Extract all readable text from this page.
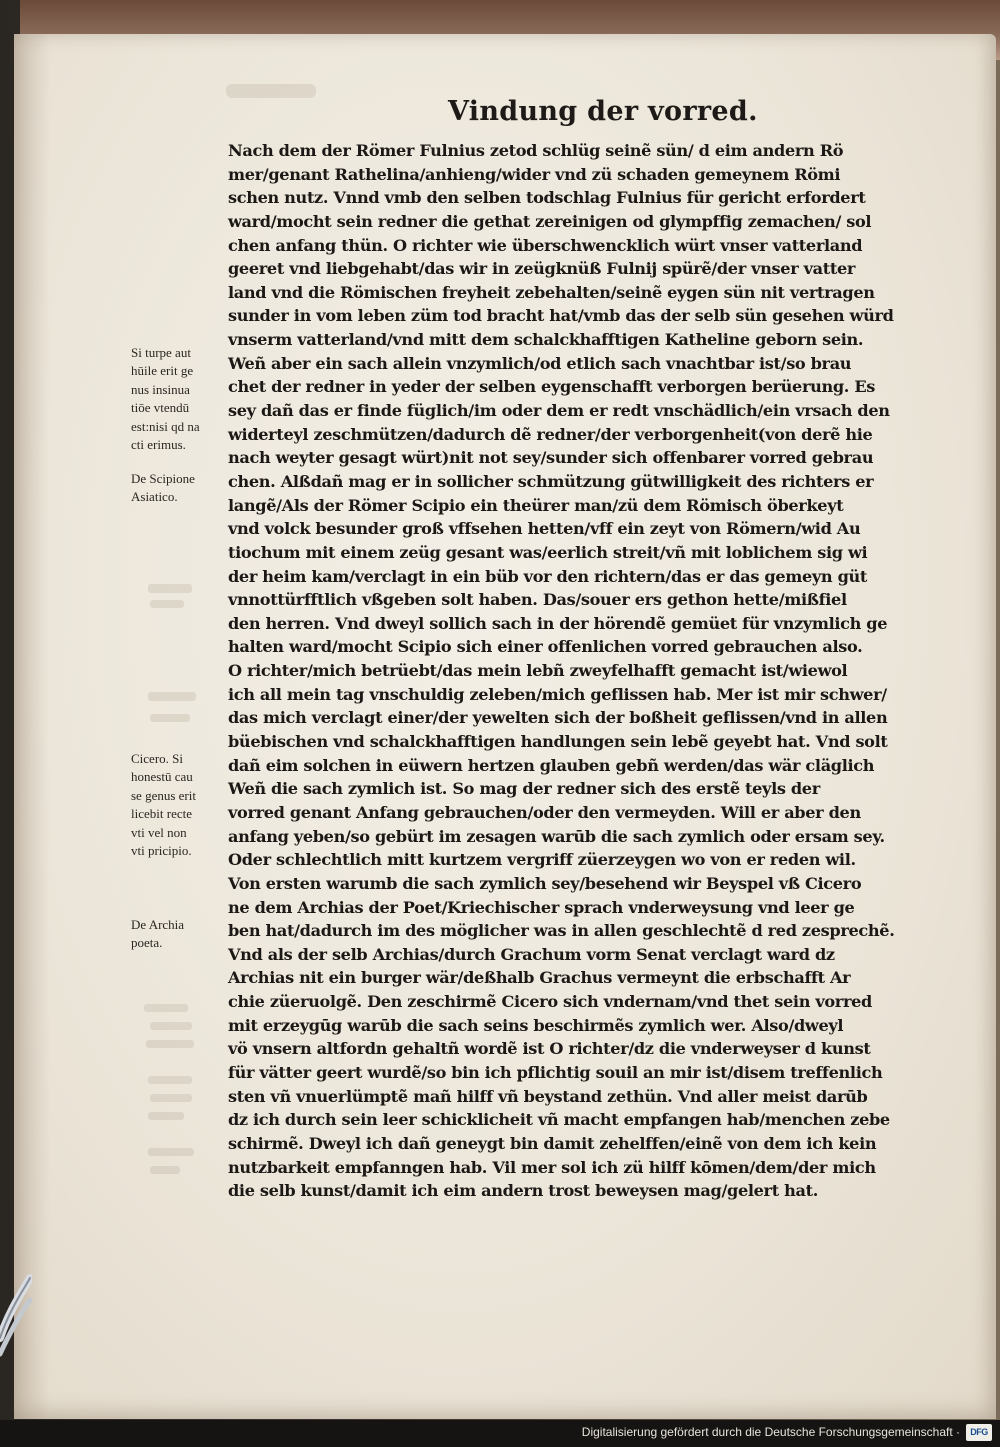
Vindung der vorred.
Nach dem der Römer Fulnius zetod schlüg seinẽ sün/ d eim andern Rö
mer/genant Rathelina/anhieng/wider vnd zü schaden gemeynem Römi
schen nutz. Vnnd vmb den selben todschlag Fulnius für gericht erfordert
ward/mocht sein redner die gethat zereinigen od glympffig zemachen/ sol
chen anfang thün. O richter wie überschwencklich würt vnser vatterland
geeret vnd liebgehabt/das wir in zeügknüß Fulnij spürẽ/der vnser vatter
land vnd die Römischen freyheit zebehalten/seinẽ eygen sün nit vertragen
sunder in vom leben züm tod bracht hat/vmb das der selb sün gesehen würd
vnserm vatterland/vnd mitt dem schalckhafftigen Katheline geborn sein.
Weñ aber ein sach allein vnzymlich/od etlich sach vnachtbar ist/so brau
chet der redner in yeder der selben eygenschafft verborgen berüerung. Es
sey dañ das er finde füglich/im oder dem er redt vnschädlich/ein vrsach den
widerteyl zeschmützen/dadurch dẽ redner/der verborgenheit(von derẽ hie
nach weyter gesagt würt)nit not sey/sunder sich offenbarer vorred gebrau
chen. Alßdañ mag er in sollicher schmützung gütwilligkeit des richters er
langẽ/Als der Römer Scipio ein theürer man/zü dem Römisch öberkeyt
vnd volck besunder groß vffsehen hetten/vff ein zeyt von Römern/wid Au
tiochum mit einem zeüg gesant was/eerlich streit/vñ mit loblichem sig wi
der heim kam/verclagt in ein büb vor den richtern/das er das gemeyn güt
vnnottürfftlich vßgeben solt haben. Das/souer ers gethon hette/mißfiel
den herren. Vnd dweyl sollich sach in der hörendẽ gemüet für vnzymlich ge
halten ward/mocht Scipio sich einer offenlichen vorred gebrauchen also.
O richter/mich betrüebt/das mein lebñ zweyfelhafft gemacht ist/wiewol
ich all mein tag vnschuldig zeleben/mich geflissen hab. Mer ist mir schwer/
das mich verclagt einer/der yewelten sich der boßheit geflissen/vnd in allen
büebischen vnd schalckhafftigen handlungen sein lebẽ geyebt hat. Vnd solt
dañ eim solchen in eüwern hertzen glauben gebñ werden/das wär cläglich
Weñ die sach zymlich ist. So mag der redner sich des erstẽ teyls der
vorred genant Anfang gebrauchen/oder den vermeyden. Will er aber den
anfang yeben/so gebürt im zesagen warūb die sach zymlich oder ersam sey.
Oder schlechtlich mitt kurtzem vergriff züerzeygen wo von er reden wil.
Von ersten warumb die sach zymlich sey/besehend wir Beyspel vß Cicero
ne dem Archias der Poet/Kriechischer sprach vnderweysung vnd leer ge
ben hat/dadurch im des möglicher was in allen geschlechtẽ d red zesprechẽ.
Vnd als der selb Archias/durch Grachum vorm Senat verclagt ward dz
Archias nit ein burger wär/deßhalb Grachus vermeynt die erbschafft Ar
chie züeruolgẽ. Den zeschirmẽ Cicero sich vndernam/vnd thet sein vorred
mit erzeygūg warūb die sach seins beschirmẽs zymlich wer. Also/dweyl
vö vnsern altfordn gehaltñ wordẽ ist O richter/dz die vnderweyser d kunst
für vätter geert wurdẽ/so bin ich pflichtig souil an mir ist/disem treffenlich
sten vñ vnuerlümptẽ mañ hilff vñ beystand zethün. Vnd aller meist darūb
dz ich durch sein leer schicklicheit vñ macht empfangen hab/menchen zebe
schirmẽ. Dweyl ich dañ geneygt bin damit zehelffen/einẽ von dem ich kein
nutzbarkeit empfanngen hab. Vil mer sol ich zü hilff kōmen/dem/der mich
die selb kunst/damit ich eim andern trost beweysen mag/gelert hat.
Si turpe aut
hūile erit ge
nus insinua
tiōe vtendū
est:nisi qd na
cti erimus.
De Scipione
Asiatico.
Cicero. Si
honestū cau
se genus erit
licebit recte
vti vel non
vti pricipio.
De Archia
poeta.
Digitalisierung gefördert durch die Deutsche Forschungsgemeinschaft ·	DFG
